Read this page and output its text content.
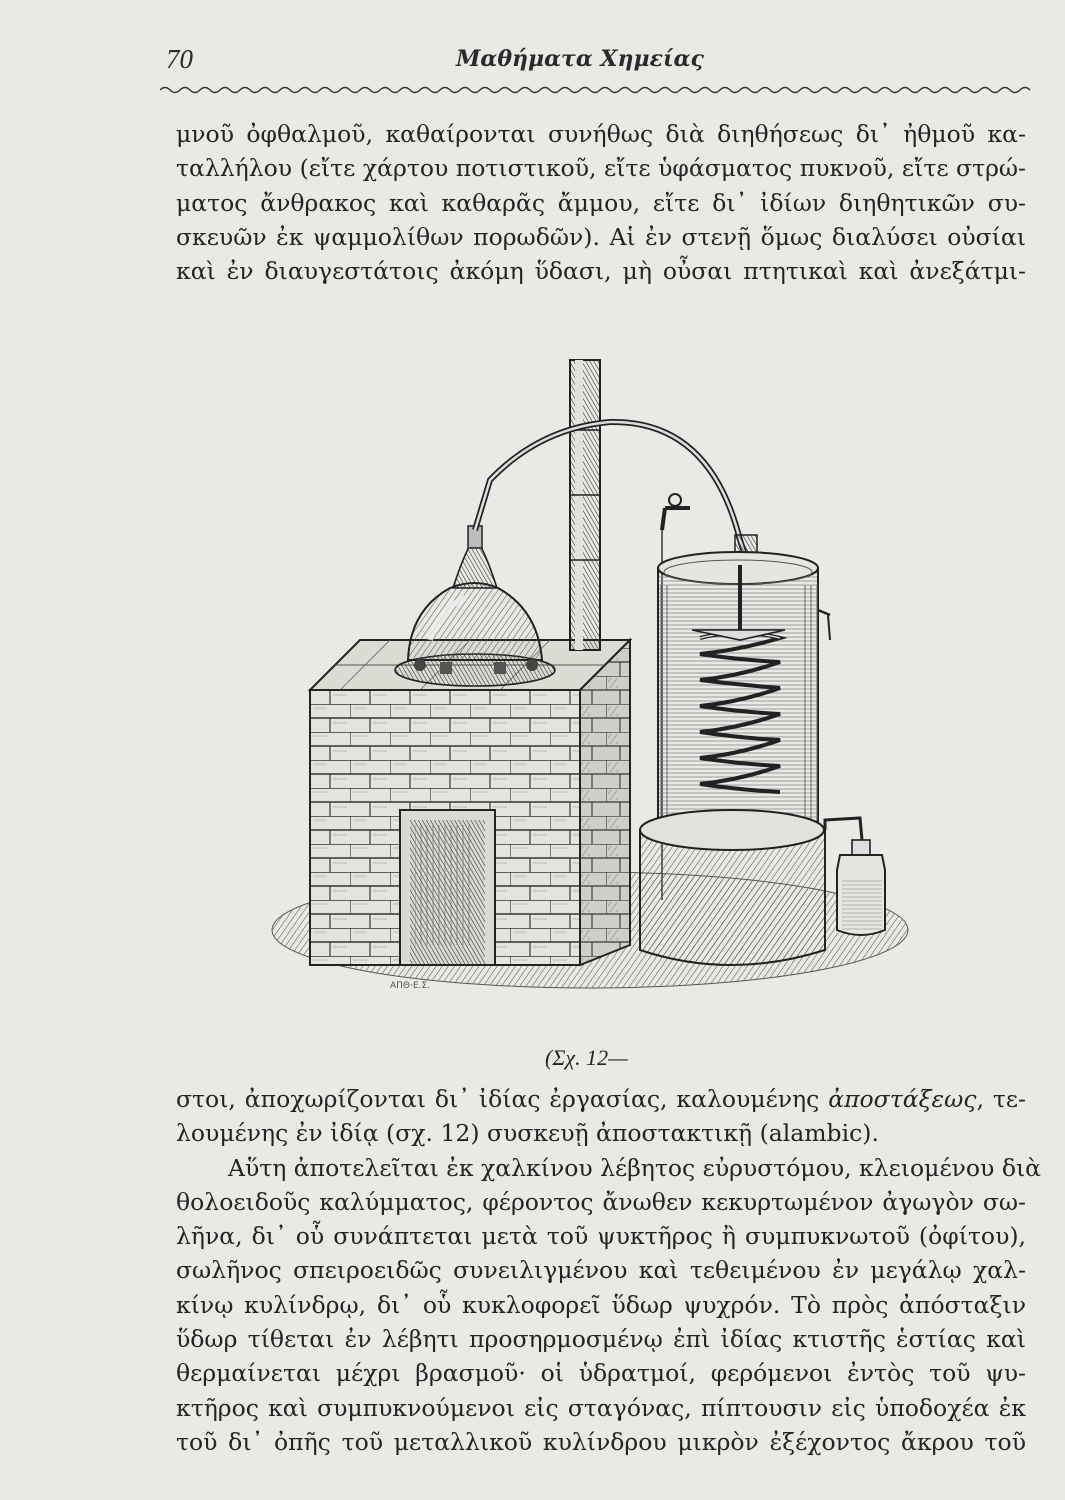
70	Μαθήματα Χημείας
μνοῦ ὀφθαλμοῦ, καθαίρονται συνήθως διὰ διηθήσεως δι᾽ ἠθμοῦ κα-
ταλλήλου (εἴτε χάρτου ποτιστικοῦ, εἴτε ὑφάσματος πυκνοῦ, εἴτε στρώ-
ματος ἄνθρακος καὶ καθαρᾶς ἄμμου, εἴτε δι᾽ ἰδίων διηθητικῶν συ-
σκευῶν ἐκ ψαμμολίθων πορωδῶν). Αἱ ἐν στενῇ ὅμως διαλύσει οὐσίαι
καὶ ἐν διαυγεστάτοις ἀκόμη ὕδασι, μὴ οὖσαι πτητικαὶ καὶ ἀνεξάτμι-
ΑΠΘ·Ε.Σ.
(Σχ. 12—
στοι, ἀποχωρίζονται δι᾽ ἰδίας ἐργασίας, καλουμένης ἀποστάξεως, τε-
λουμένης ἐν ἰδίᾳ (σχ. 12) συσκευῇ ἀποστακτικῇ (alambic).
Αὕτη ἀποτελεῖται ἐκ χαλκίνου λέβητος εὐρυστόμου, κλειομένου διὰ
θολοειδοῦς καλύμματος, φέροντος ἄνωθεν κεκυρτωμένον ἀγωγὸν σω-
λῆνα, δι᾽ οὗ συνάπτεται μετὰ τοῦ ψυκτῆρος ἢ συμπυκνωτοῦ (ὀφίτου),
σωλῆνος σπειροειδῶς συνειλιγμένου καὶ τεθειμένου ἐν μεγάλῳ χαλ-
κίνῳ κυλίνδρῳ, δι᾽ οὗ κυκλοφορεῖ ὕδωρ ψυχρόν. Τὸ πρὸς ἀπόσταξιν
ὕδωρ τίθεται ἐν λέβητι προσηρμοσμένῳ ἐπὶ ἰδίας κτιστῆς ἑστίας καὶ
θερμαίνεται μέχρι βρασμοῦ· οἱ ὑδρατμοί, φερόμενοι ἐντὸς τοῦ ψυ-
κτῆρος καὶ συμπυκνούμενοι εἰς σταγόνας, πίπτουσιν εἰς ὑποδοχέα ἐκ
τοῦ δι᾽ ὀπῆς τοῦ μεταλλικοῦ κυλίνδρου μικρὸν ἐξέχοντος ἄκρου τοῦ
